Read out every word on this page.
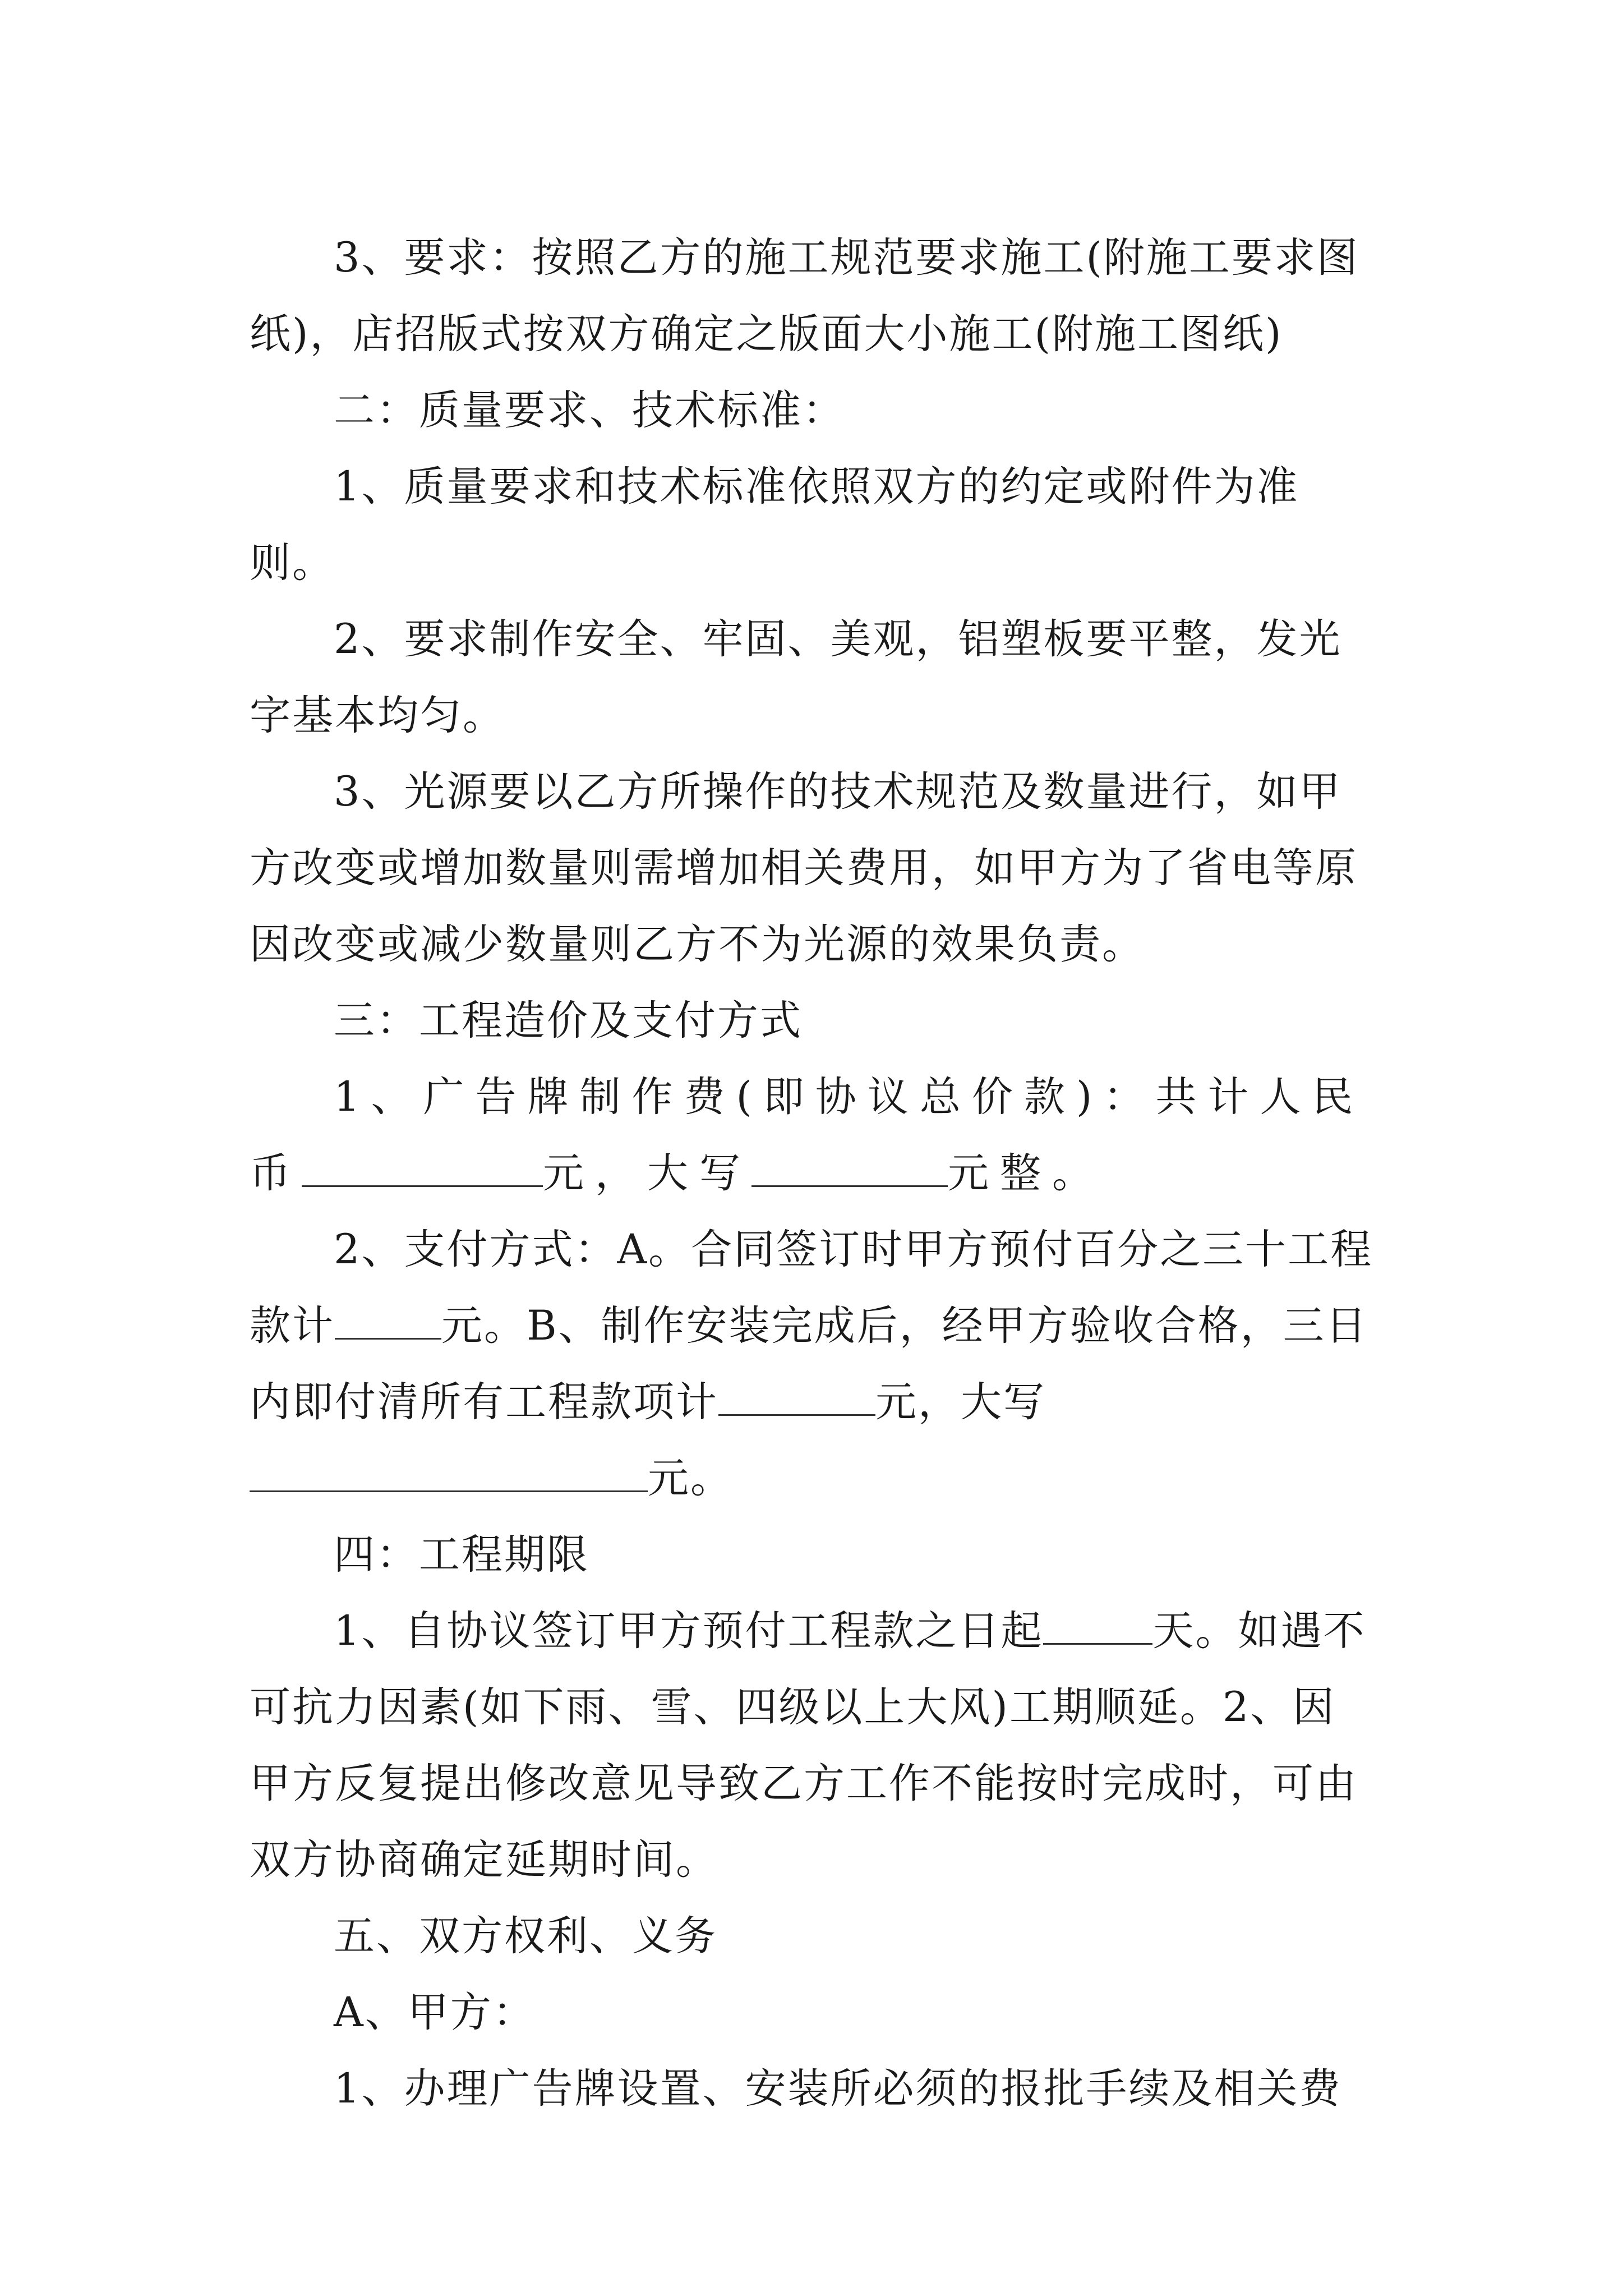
3、要求：按照乙方的施工规范要求施工(附施工要求图纸)，店招版式按双方确定之版面大小施工(附施工图纸)

二：质量要求、技术标准：

1、质量要求和技术标准依照双方的约定或附件为准则。

2、要求制作安全、牢固、美观，铝塑板要平整，发光字基本均匀。

3、光源要以乙方所操作的技术规范及数量进行，如甲方改变或增加数量则需增加相关费用，如甲方为了省电等原因改变或减少数量则乙方不为光源的效果负责。

三：工程造价及支付方式

1、广告牌制作费(即协议总价款)：共计人民币	元，大写	元整。

2、支付方式：A。合同签订时甲方预付百分之三十工程款计	元。B、制作安装完成后，经甲方验收合格，三日内即付清所有工程款项计	元，大写元。

四：工程期限

1、自协议签订甲方预付工程款之日起	天。如遇不可抗力因素(如下雨、雪、四级以上大风)工期顺延。2、因甲方反复提出修改意见导致乙方工作不能按时完成时，可由双方协商确定延期时间。

五、双方权利、义务

A、甲方：

1、办理广告牌设置、安装所必须的报批手续及相关费
